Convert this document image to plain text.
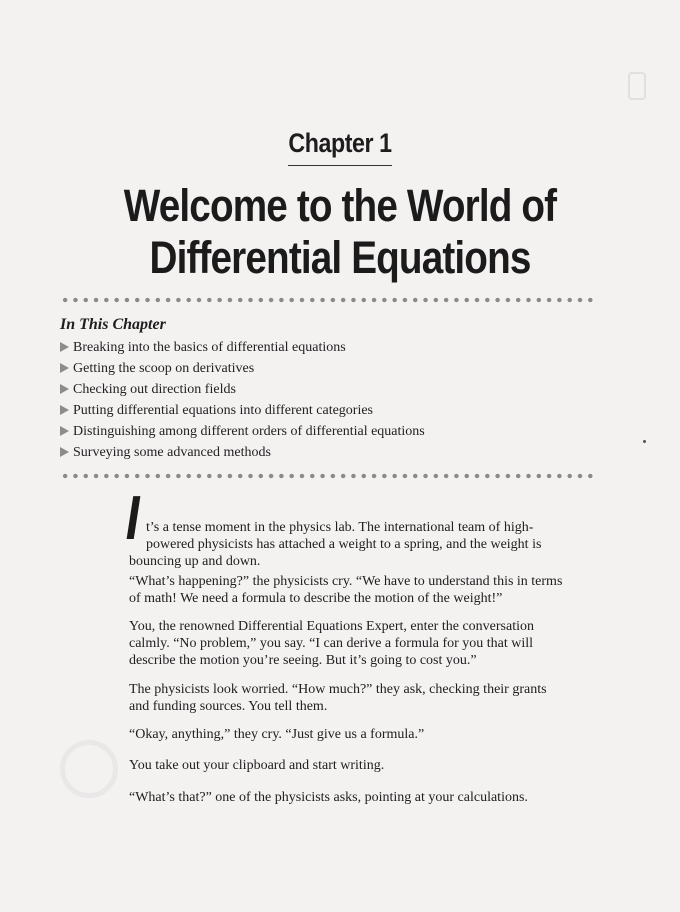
Chapter 1
Welcome to the World of
Differential Equations
In This Chapter
Breaking into the basics of differential equations
Getting the scoop on derivatives
Checking out direction fields
Putting differential equations into different categories
Distinguishing among different orders of differential equations
Surveying some advanced methods
I t’s a tense moment in the physics lab. The international team of high-
powered physicists has attached a weight to a spring, and the weight is
bouncing up and down.

“What’s happening?” the physicists cry. “We have to understand this in terms
of math! We need a formula to describe the motion of the weight!”

You, the renowned Differential Equations Expert, enter the conversation
calmly. “No problem,” you say. “I can derive a formula for you that will
describe the motion you’re seeing. But it’s going to cost you.”

The physicists look worried. “How much?” they ask, checking their grants
and funding sources. You tell them.

“Okay, anything,” they cry. “Just give us a formula.”

You take out your clipboard and start writing.

“What’s that?” one of the physicists asks, pointing at your calculations.
